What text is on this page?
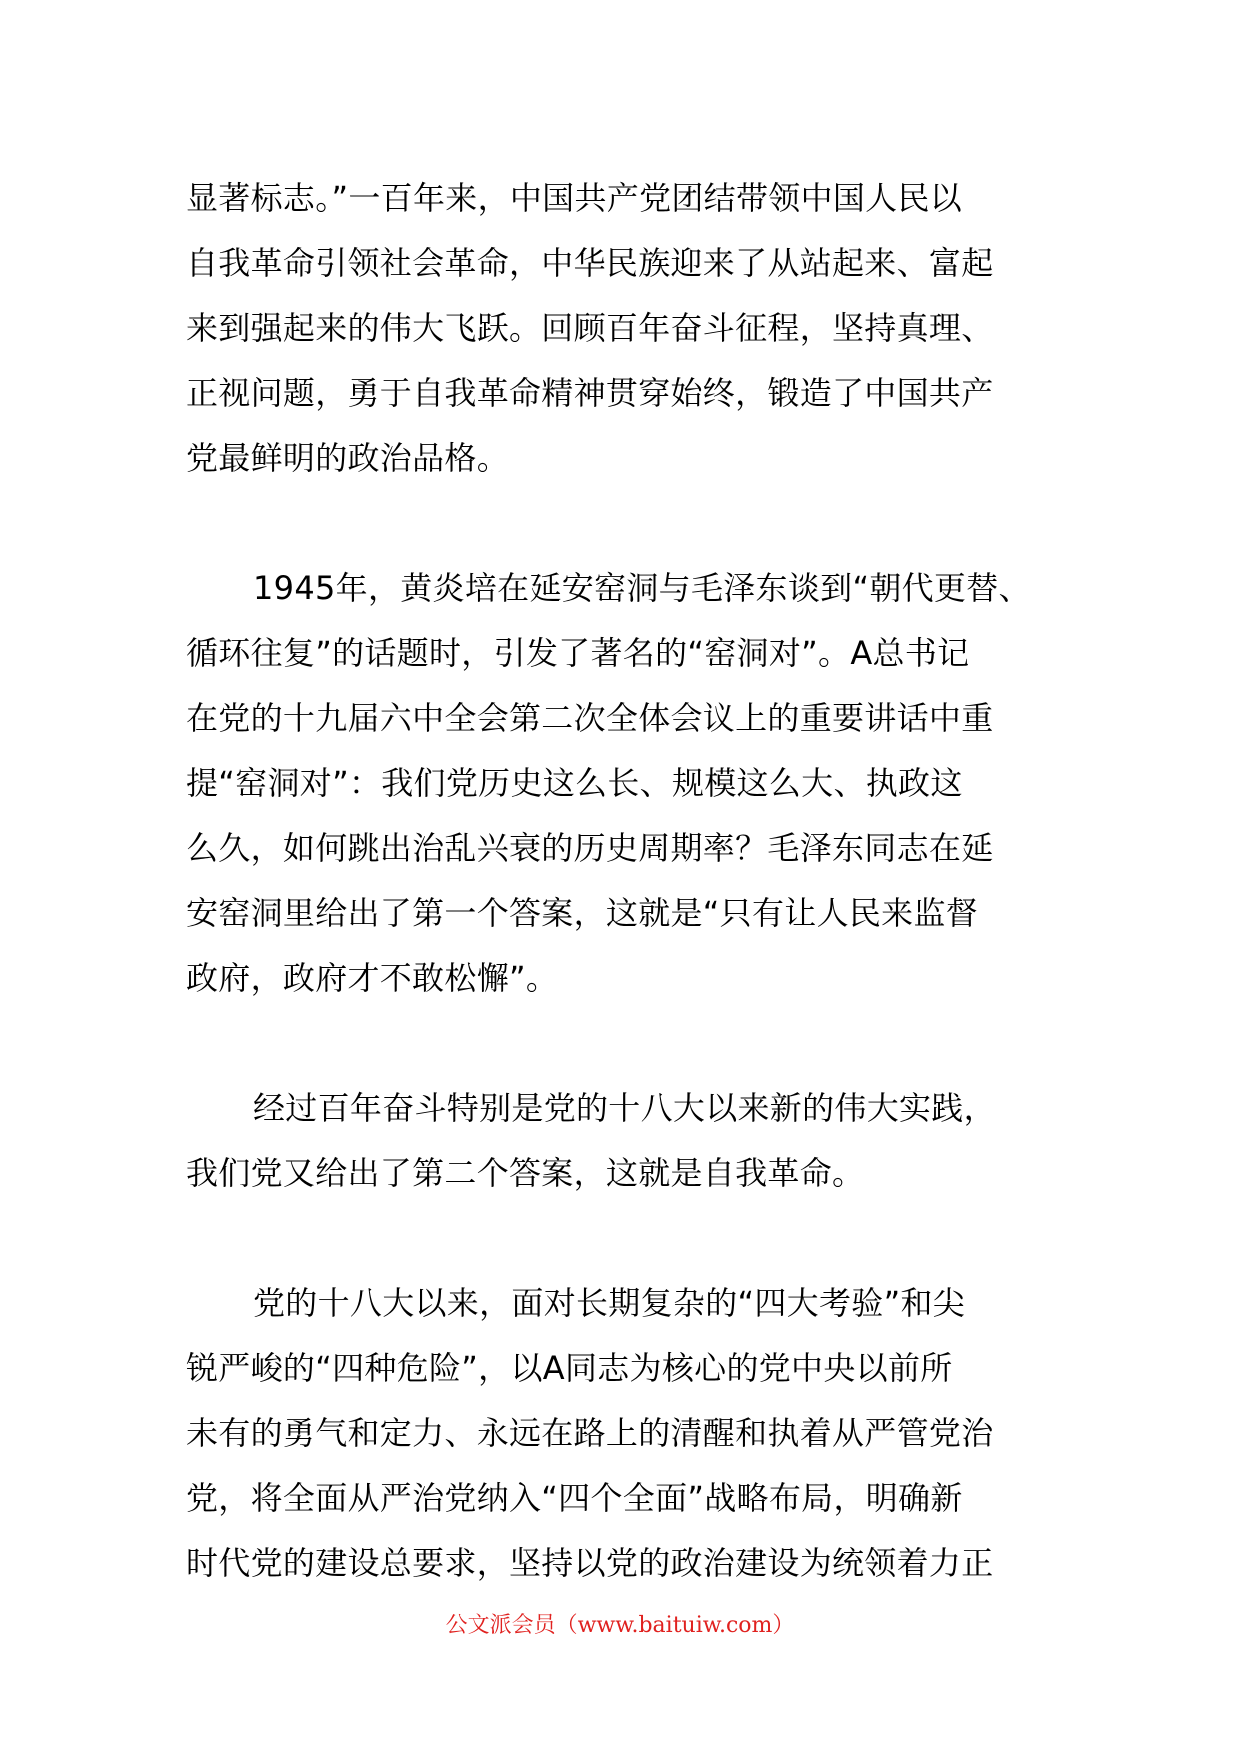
显著标志。”一百年来，中国共产党团结带领中国人民以
自我革命引领社会革命，中华民族迎来了从站起来、富起
来到强起来的伟大飞跃。回顾百年奋斗征程，坚持真理、
正视问题，勇于自我革命精神贯穿始终，锻造了中国共产
党最鲜明的政治品格。
1945年，黄炎培在延安窑洞与毛泽东谈到“朝代更替、
循环往复”的话题时，引发了著名的“窑洞对”。A总书记
在党的十九届六中全会第二次全体会议上的重要讲话中重
提“窑洞对”：我们党历史这么长、规模这么大、执政这
么久，如何跳出治乱兴衰的历史周期率？毛泽东同志在延
安窑洞里给出了第一个答案，这就是“只有让人民来监督
政府，政府才不敢松懈”。
经过百年奋斗特别是党的十八大以来新的伟大实践，
我们党又给出了第二个答案，这就是自我革命。
党的十八大以来，面对长期复杂的“四大考验”和尖
锐严峻的“四种危险”，以A同志为核心的党中央以前所
未有的勇气和定力、永远在路上的清醒和执着从严管党治
党，将全面从严治党纳入“四个全面”战略布局，明确新
时代党的建设总要求，坚持以党的政治建设为统领着力正
公文派会员（www.baituiw.com）
